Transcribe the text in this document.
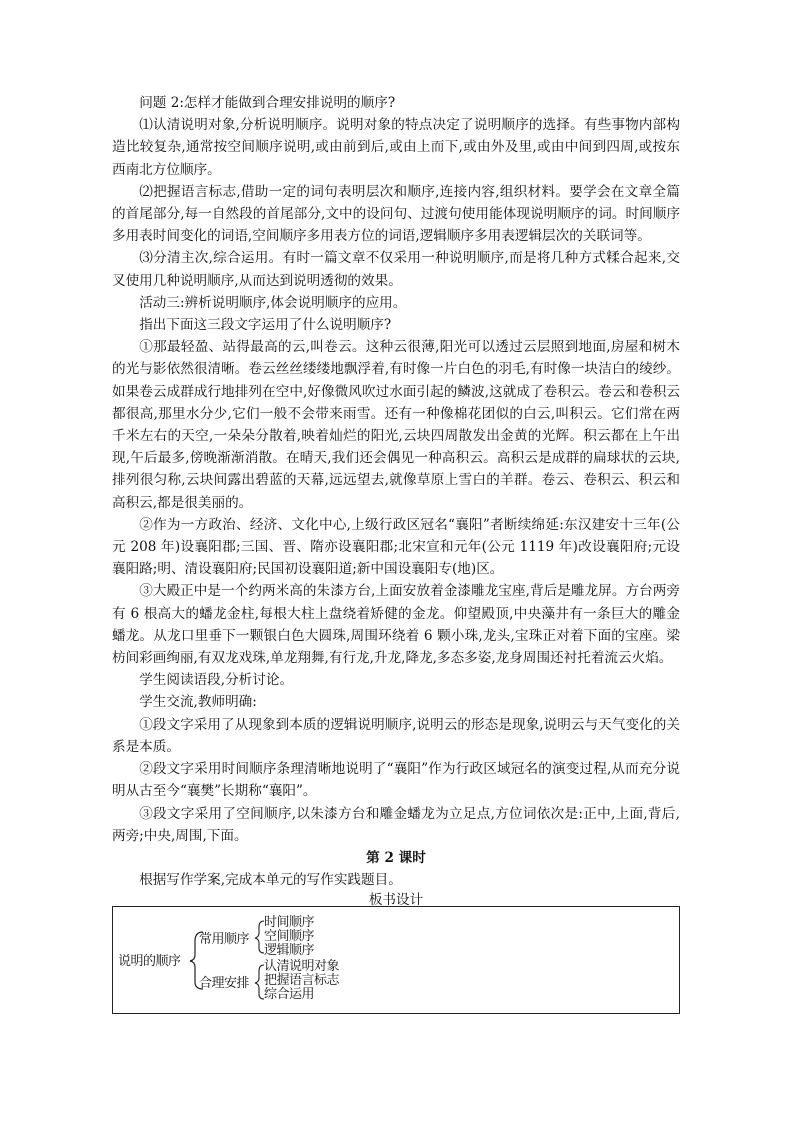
问题 2:怎样才能做到合理安排说明的顺序?

⑴认清说明对象,分析说明顺序。说明对象的特点决定了说明顺序的选择。有些事物内部构造比较复杂,通常按空间顺序说明,或由前到后,或由上而下,或由外及里,或由中间到四周,或按东西南北方位顺序。

⑵把握语言标志,借助一定的词句表明层次和顺序,连接内容,组织材料。要学会在文章全篇的首尾部分,每一自然段的首尾部分,文中的设问句、过渡句使用能体现说明顺序的词。时间顺序多用表时间变化的词语,空间顺序多用表方位的词语,逻辑顺序多用表逻辑层次的关联词等。

⑶分清主次,综合运用。有时一篇文章不仅采用一种说明顺序,而是将几种方式糅合起来,交叉使用几种说明顺序,从而达到说明透彻的效果。

活动三:辨析说明顺序,体会说明顺序的应用。

指出下面这三段文字运用了什么说明顺序?

①那最轻盈、站得最高的云,叫卷云。这种云很薄,阳光可以透过云层照到地面,房屋和树木的光与影依然很清晰。卷云丝丝缕缕地飘浮着,有时像一片白色的羽毛,有时像一块洁白的绫纱。如果卷云成群成行地排列在空中,好像微风吹过水面引起的鳞波,这就成了卷积云。卷云和卷积云都很高,那里水分少,它们一般不会带来雨雪。还有一种像棉花团似的白云,叫积云。它们常在两千米左右的天空,一朵朵分散着,映着灿烂的阳光,云块四周散发出金黄的光辉。积云都在上午出现,午后最多,傍晚渐渐消散。在晴天,我们还会偶见一种高积云。高积云是成群的扁球状的云块,排列很匀称,云块间露出碧蓝的天幕,远远望去,就像草原上雪白的羊群。卷云、卷积云、积云和高积云,都是很美丽的。

②作为一方政治、经济、文化中心,上级行政区冠名“襄阳”者断续绵延:东汉建安十三年(公元 208 年)设襄阳郡;三国、晋、隋亦设襄阳郡;北宋宣和元年(公元 1119 年)改设襄阳府;元设襄阳路;明、清设襄阳府;民国初设襄阳道;新中国设襄阳专(地)区。

③大殿正中是一个约两米高的朱漆方台,上面安放着金漆雕龙宝座,背后是雕龙屏。方台两旁有 6 根高大的蟠龙金柱,每根大柱上盘绕着矫健的金龙。仰望殿顶,中央藻井有一条巨大的雕金蟠龙。从龙口里垂下一颗银白色大圆珠,周围环绕着 6 颗小珠,龙头,宝珠正对着下面的宝座。梁枋间彩画绚丽,有双龙戏珠,单龙翔舞,有行龙,升龙,降龙,多态多姿,龙身周围还衬托着流云火焰。

学生阅读语段,分析讨论。

学生交流,教师明确:

①段文字采用了从现象到本质的逻辑说明顺序,说明云的形态是现象,说明云与天气变化的关系是本质。

②段文字采用时间顺序条理清晰地说明了“襄阳”作为行政区域冠名的演变过程,从而充分说明从古至今“襄樊”长期称“襄阳”。

③段文字采用了空间顺序,以朱漆方台和雕金蟠龙为立足点,方位词依次是:正中,上面,背后,两旁;中央,周围,下面。

第 2 课时

根据写作学案,完成本单元的写作实践题目。

板书设计

说明的顺序
常用顺序
时间顺序
空间顺序
逻辑顺序
合理安排
认清说明对象
把握语言标志
综合运用
